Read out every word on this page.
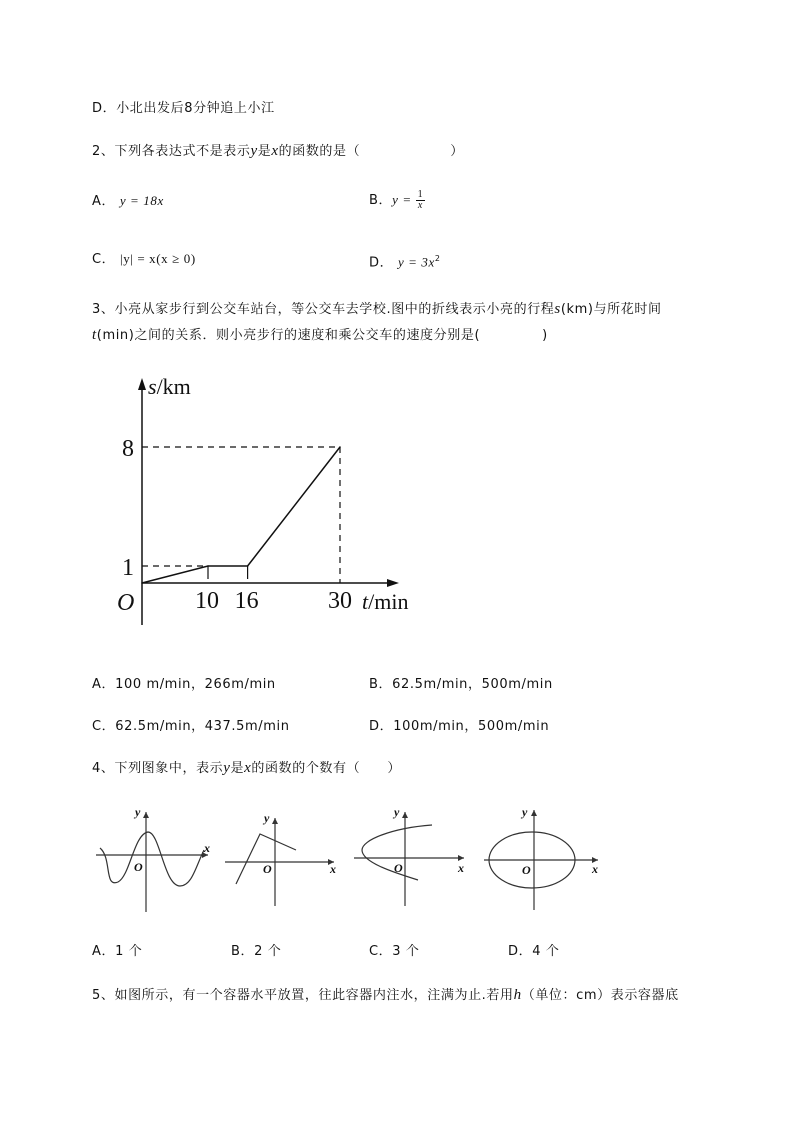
D．小北出发后8分钟追上小江
2、下列各表达式不是表示y是x的函数的是（	）
A． y = 18x	B．$y = \frac{1}{x}$
C． |y| = x(x ≥ 0)	D． $y = 3x^2$
3、小亮从家步行到公交车站台，等公交车去学校.图中的折线表示小亮的行程s(km)与所花时间
t(min)之间的关系．则小亮步行的速度和乘公交车的速度分别是(	)
O
1
8
10 16	30
s/km
t/min
A．100 m/min，266m/min	B．62.5m/min，500m/min
C．62.5m/min，437.5m/min	D．100m/min，500m/min
4、下列图象中，表示y是x的函数的个数有（　　）
y
x
O
y
x
O
y
x
O
y
x
O
A．1 个	B．2 个	C．3 个	D．4 个
5、如图所示，有一个容器水平放置，往此容器内注水，注满为止.若用h（单位：cm）表示容器底
